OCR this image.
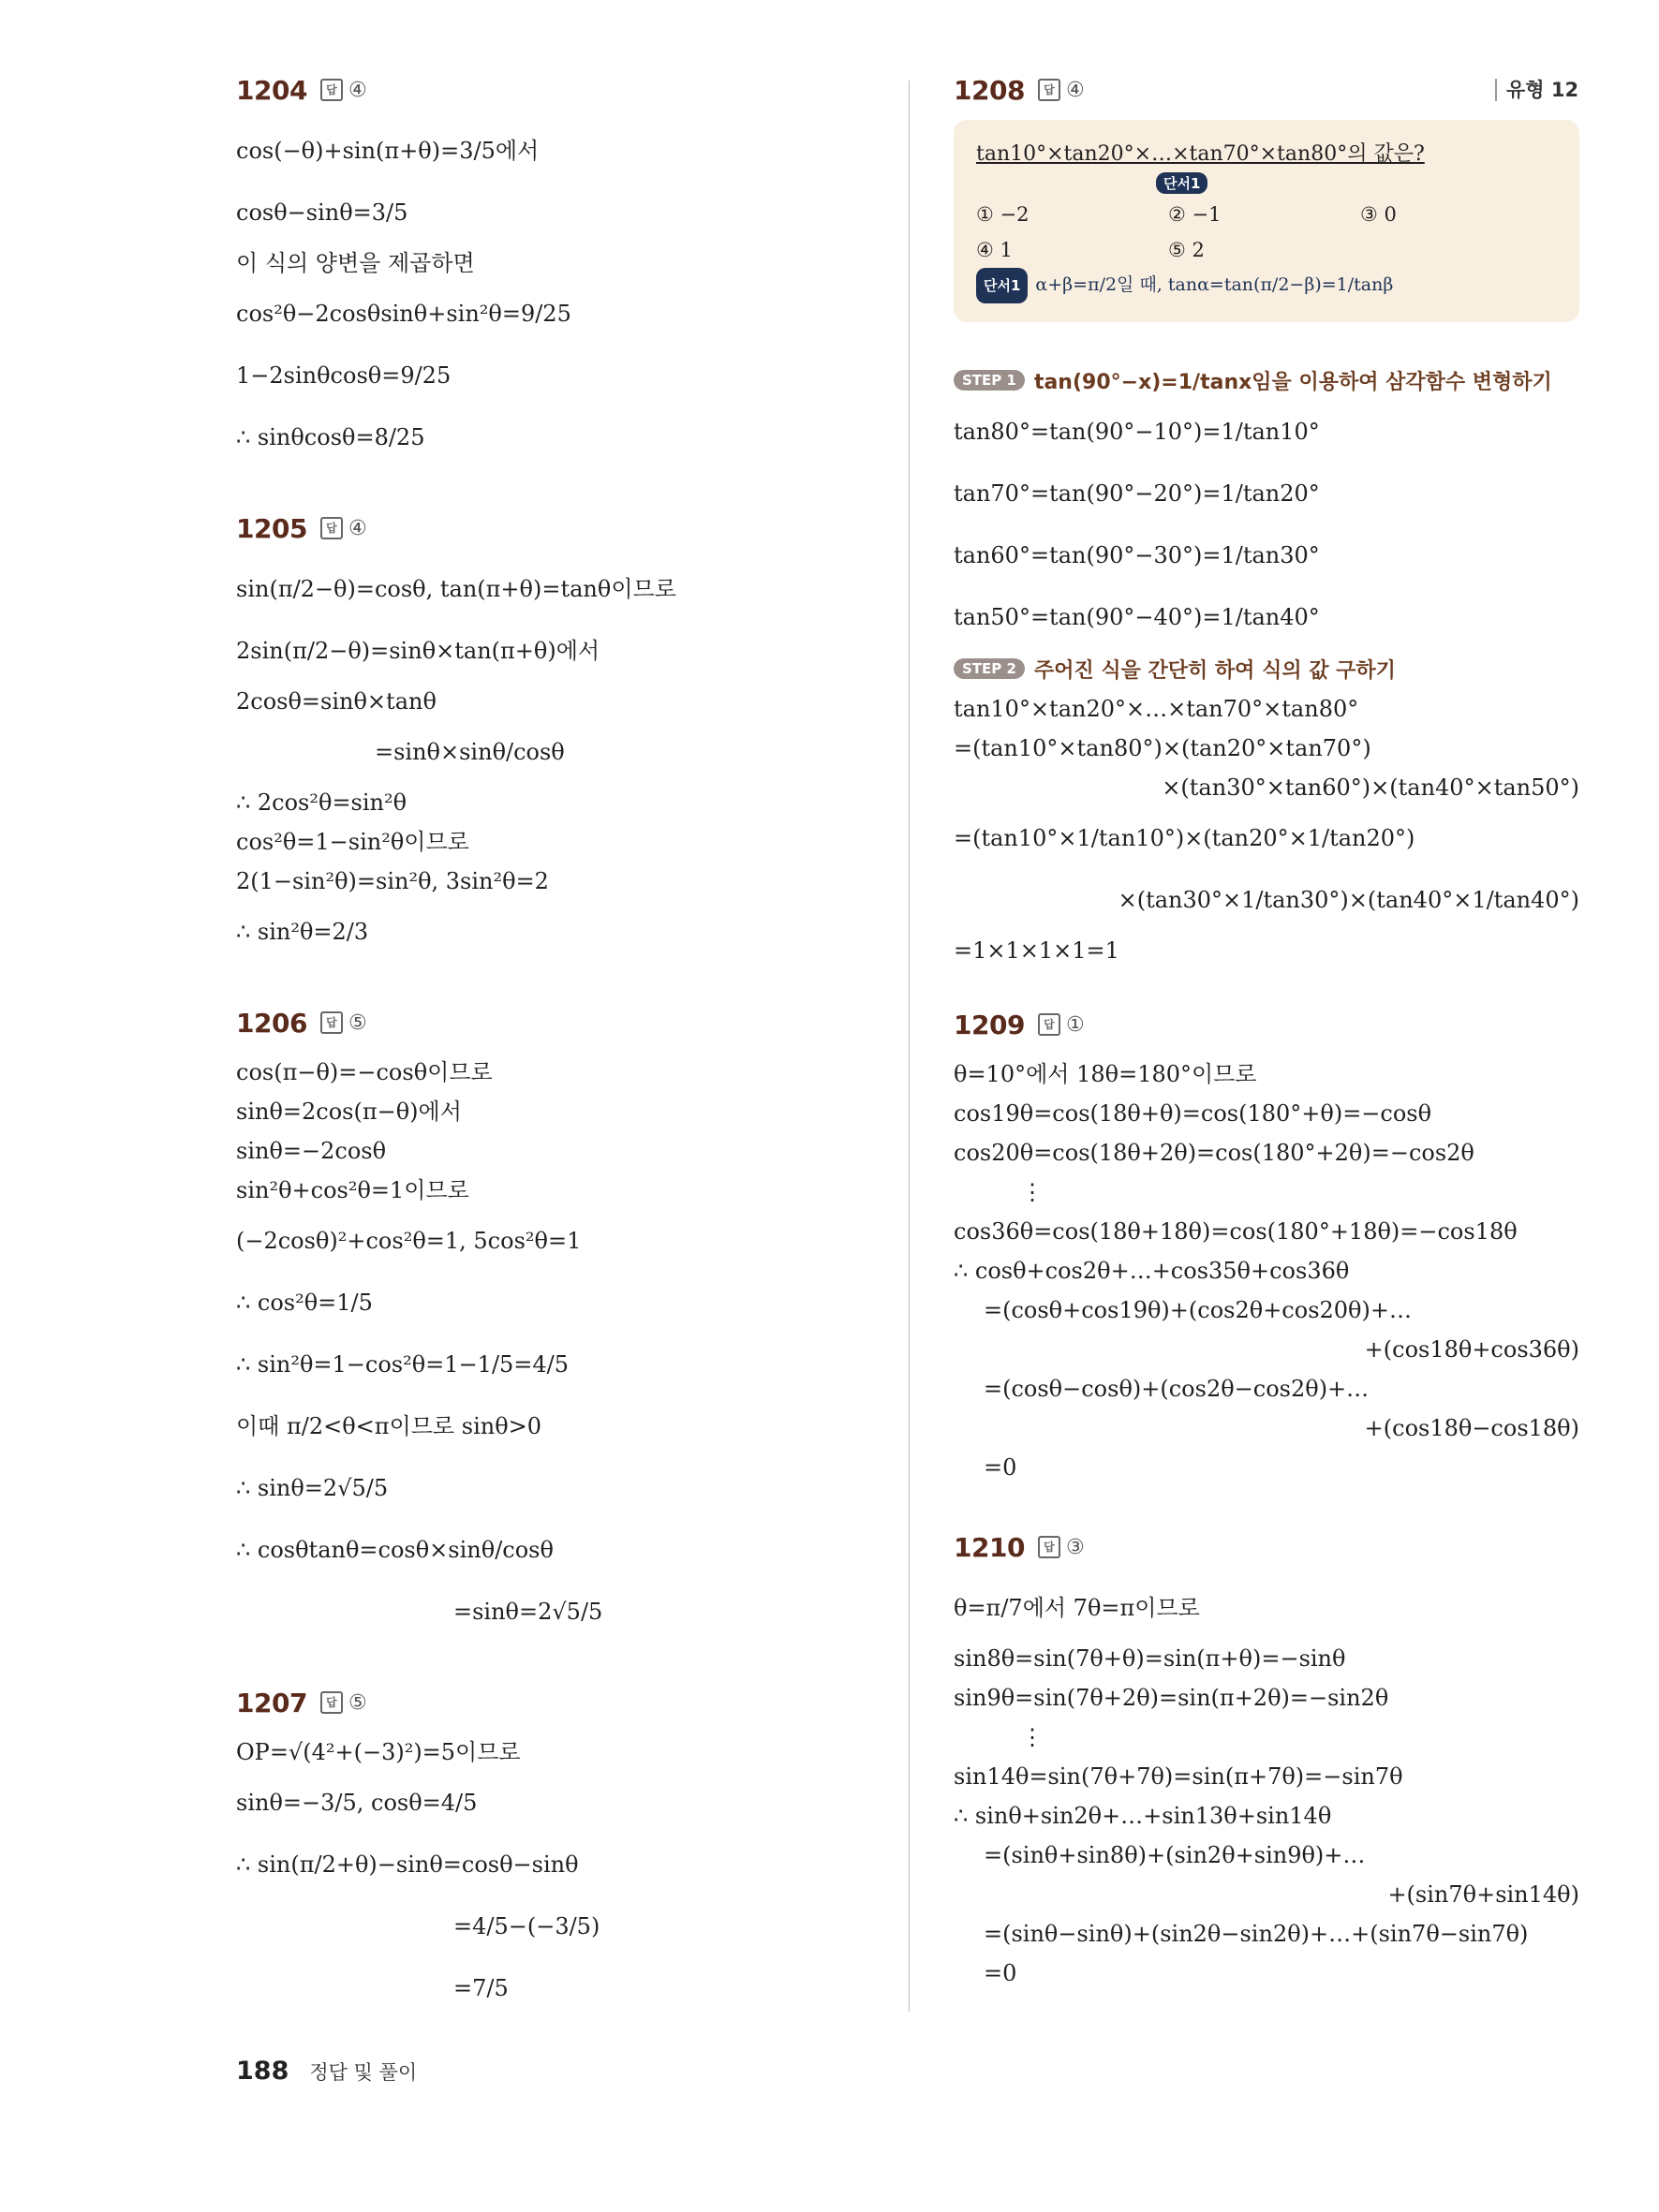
유형 12
1204	답 ④
cos(−θ)+sin(π+θ)=3/5에서
cosθ−sinθ=3/5
이 식의 양변을 제곱하면
cos²θ−2cosθsinθ+sin²θ=9/25
1−2sinθcosθ=9/25
∴ sinθcosθ=8/25
1205	답 ④
sin(π/2−θ)=cosθ, tan(π+θ)=tanθ이므로
2sin(π/2−θ)=sinθ×tan(π+θ)에서
2cosθ=sinθ×tanθ
=sinθ×sinθ/cosθ
∴ 2cos²θ=sin²θ
cos²θ=1−sin²θ이므로
2(1−sin²θ)=sin²θ, 3sin²θ=2
∴ sin²θ=2/3
1206	답 ⑤
cos(π−θ)=−cosθ이므로
sinθ=2cos(π−θ)에서
sinθ=−2cosθ
sin²θ+cos²θ=1이므로
(−2cosθ)²+cos²θ=1, 5cos²θ=1
∴ cos²θ=1/5
∴ sin²θ=1−cos²θ=1−1/5=4/5
이때 π/2<θ<π이므로 sinθ>0
∴ sinθ=2√5/5
∴ cosθtanθ=cosθ×sinθ/cosθ
=sinθ=2√5/5
1207	답 ⑤
OP=√(4²+(−3)²)=5이므로
sinθ=−3/5, cosθ=4/5
∴ sin(π/2+θ)−sinθ=cosθ−sinθ
=4/5−(−3/5)
=7/5
1208	답 ④
tan10°×tan20°×…×tan70°×tan80°의 값은?
단서1
① −2	② −1	③ 0
④ 1	⑤ 2
단서1 α+β=π/2일 때, tanα=tan(π/2−β)=1/tanβ
STEP 1 tan(90°−x)=1/tanx임을 이용하여 삼각함수 변형하기
tan80°=tan(90°−10°)=1/tan10°
tan70°=tan(90°−20°)=1/tan20°
tan60°=tan(90°−30°)=1/tan30°
tan50°=tan(90°−40°)=1/tan40°
STEP 2 주어진 식을 간단히 하여 식의 값 구하기
tan10°×tan20°×…×tan70°×tan80°
=(tan10°×tan80°)×(tan20°×tan70°)
×(tan30°×tan60°)×(tan40°×tan50°)
=(tan10°×1/tan10°)×(tan20°×1/tan20°)
×(tan30°×1/tan30°)×(tan40°×1/tan40°)
=1×1×1×1=1
1209	답 ①
θ=10°에서 18θ=180°이므로
cos19θ=cos(18θ+θ)=cos(180°+θ)=−cosθ
cos20θ=cos(18θ+2θ)=cos(180°+2θ)=−cos2θ
⋮
cos36θ=cos(18θ+18θ)=cos(180°+18θ)=−cos18θ
∴ cosθ+cos2θ+…+cos35θ+cos36θ
=(cosθ+cos19θ)+(cos2θ+cos20θ)+…
+(cos18θ+cos36θ)
=(cosθ−cosθ)+(cos2θ−cos2θ)+…
+(cos18θ−cos18θ)
=0
1210	답 ③
θ=π/7에서 7θ=π이므로
sin8θ=sin(7θ+θ)=sin(π+θ)=−sinθ
sin9θ=sin(7θ+2θ)=sin(π+2θ)=−sin2θ
⋮
sin14θ=sin(7θ+7θ)=sin(π+7θ)=−sin7θ
∴ sinθ+sin2θ+…+sin13θ+sin14θ
=(sinθ+sin8θ)+(sin2θ+sin9θ)+…
+(sin7θ+sin14θ)
=(sinθ−sinθ)+(sin2θ−sin2θ)+…+(sin7θ−sin7θ)
=0
188 정답 및 풀이
